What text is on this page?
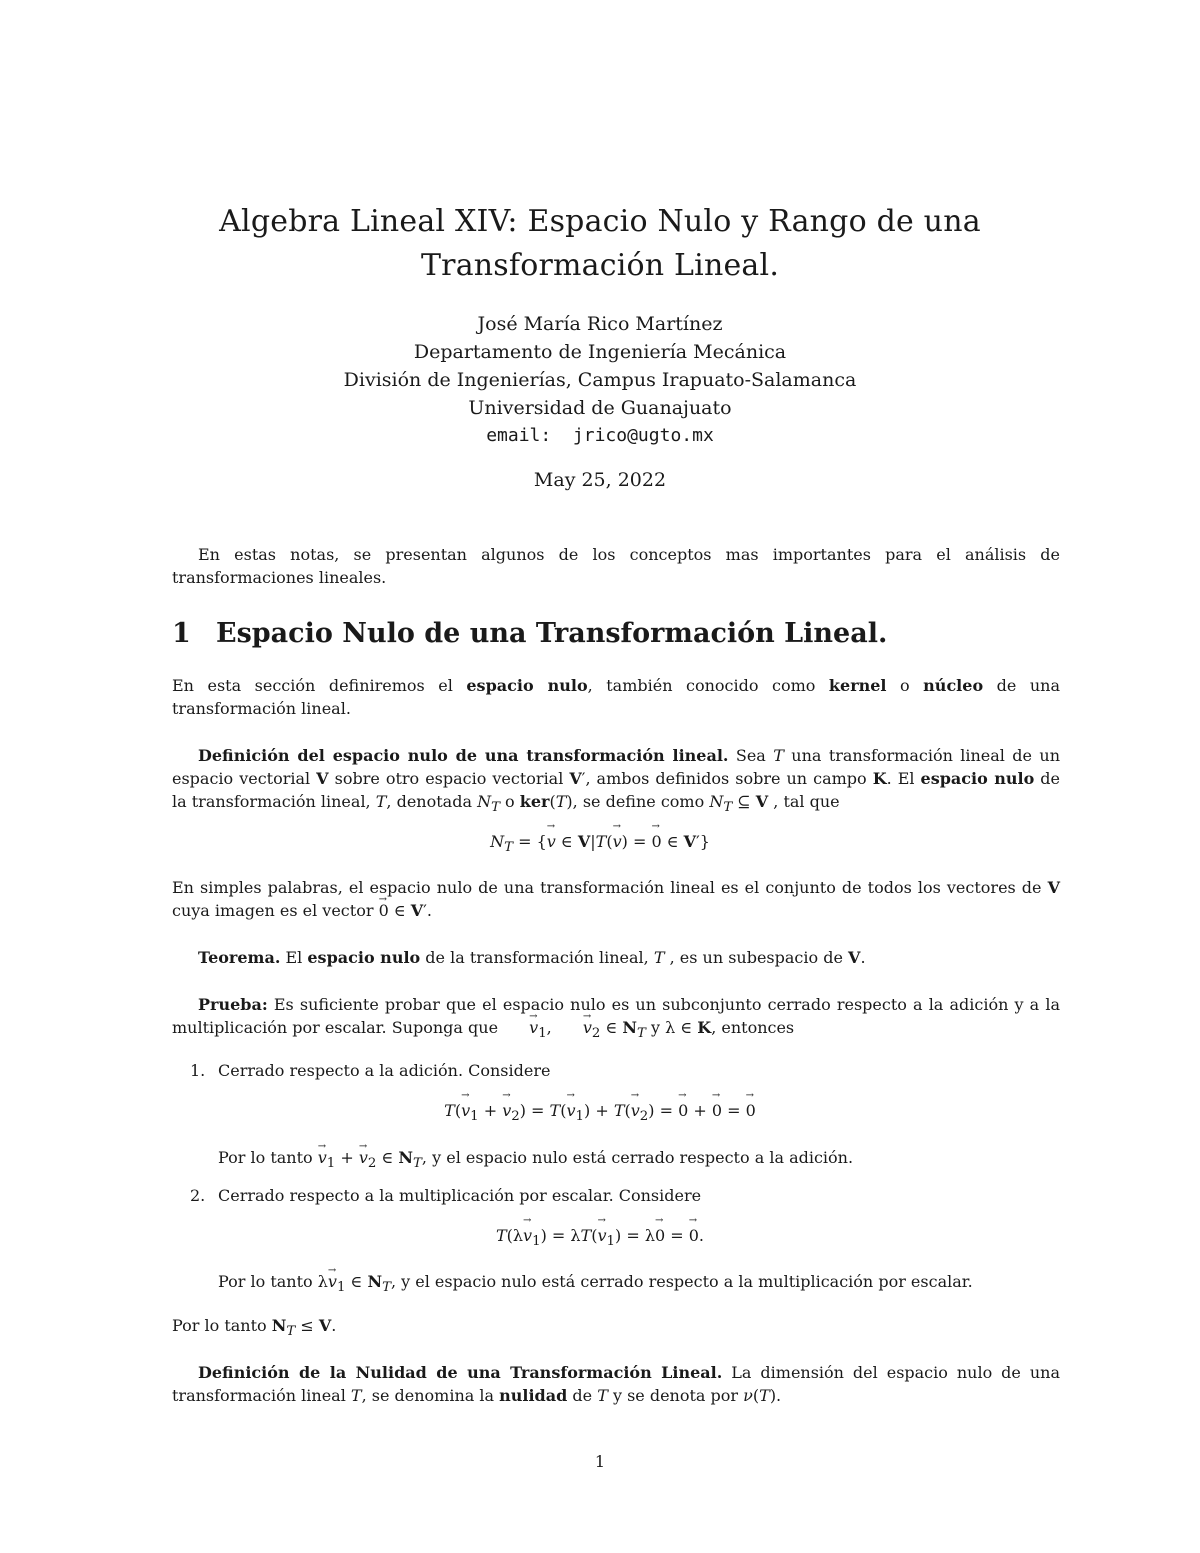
Algebra Lineal XIV: Espacio Nulo y Rango de una
Transformación Lineal.
José María Rico Martínez
Departamento de Ingeniería Mecánica
División de Ingenierías, Campus Irapuato-Salamanca
Universidad de Guanajuato
email: jrico@ugto.mx
May 25, 2022
En estas notas, se presentan algunos de los conceptos mas importantes para el análisis de transformaciones lineales.
1 Espacio Nulo de una Transformación Lineal.
En esta sección definiremos el espacio nulo, también conocido como kernel o núcleo de una transformación lineal.
Definición del espacio nulo de una transformación lineal. Sea T una transformación lineal de un espacio vectorial V sobre otro espacio vectorial V′, ambos definidos sobre un campo K. El espacio nulo de la transformación lineal, T, denotada $N_T$ o ker(T), se define como $N_T$ ⊆ V , tal que
$N_T$ = {→ v ∈ V|T(→ v) = → 0 ∈ V′}
En simples palabras, el espacio nulo de una transformación lineal es el conjunto de todos los vectores de V cuya imagen es el vector → 0 ∈ V′.
Teorema. El espacio nulo de la transformación lineal, T , es un subespacio de V.
Prueba: Es suficiente probar que el espacio nulo es un subconjunto cerrado respecto a la adición y a la multiplicación por escalar. Suponga que → $v_1$, → $v_2$ ∈ $N_T$ y λ ∈ K, entonces
1. Cerrado respecto a la adición. Considere
$T(\to v_1$ + → $v_2) = T(\to v_1) + T(\to v_2)$ = → 0 + → 0 = → 0
Por lo tanto → $v_1$ + → $v_2$ ∈ $N_T$, y el espacio nulo está cerrado respecto a la adición.
2. Cerrado respecto a la multiplicación por escalar. Considere
$T(\lambda\to v_1) = \lambda T(\to v_1) = \lambda\to 0$ = → 0.
Por lo tanto $\lambda\to v_1$ ∈ $N_T$, y el espacio nulo está cerrado respecto a la multiplicación por escalar.
Por lo tanto $N_T \le V$.
Definición de la Nulidad de una Transformación Lineal. La dimensión del espacio nulo de una transformación lineal T, se denomina la nulidad de T y se denota por ν(T).
1
